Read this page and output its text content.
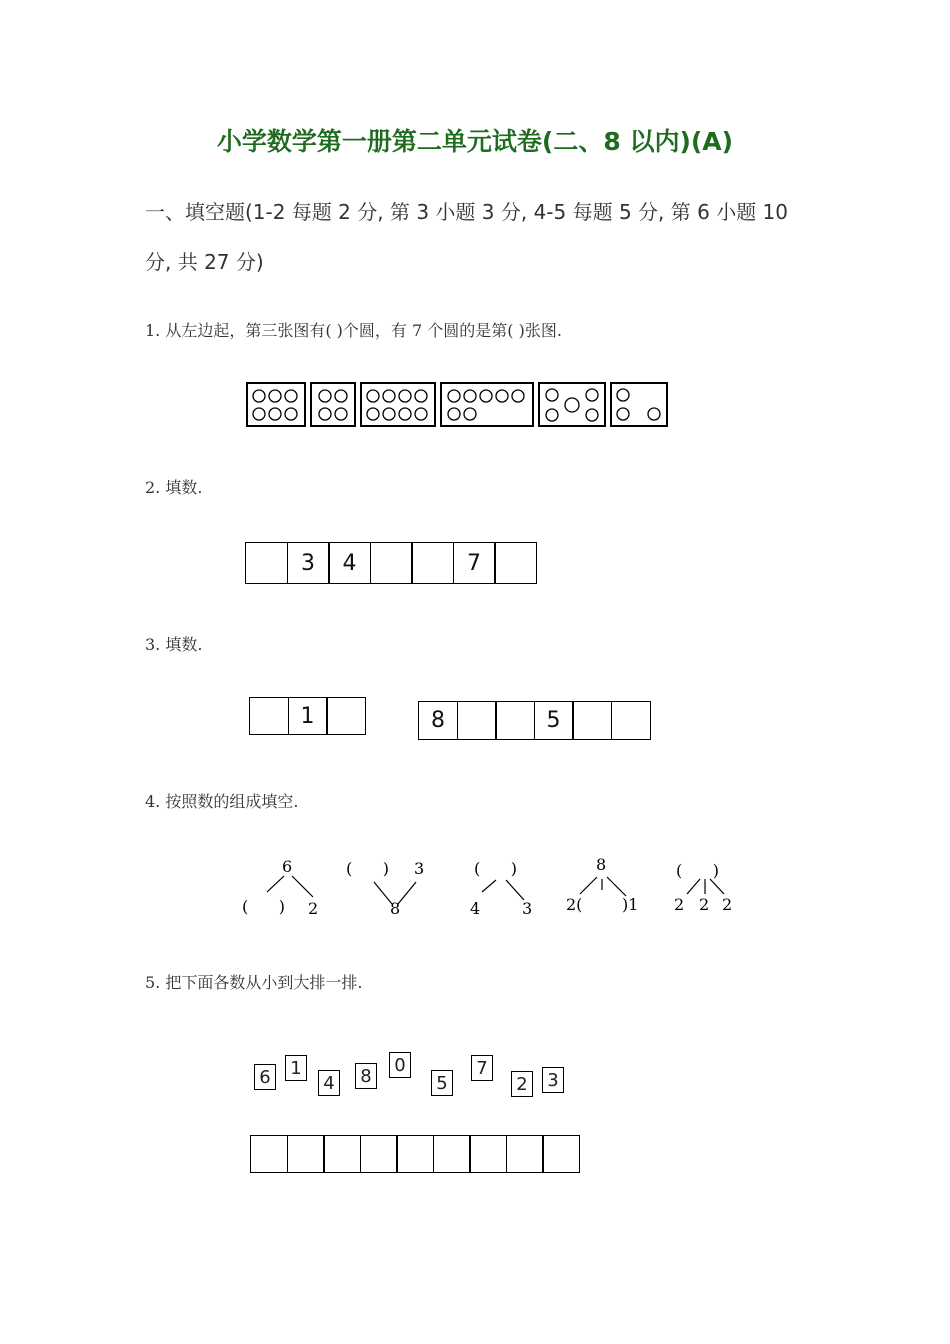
小学数学第一册第二单元试卷(二、8 以内)(A)
一、填空题(1-2 每题 2 分, 第 3 小题 3 分, 4-5 每题 5 分, 第 6 小题 10
分, 共 27 分)
1. 从左边起，第三张图有( )个圆，有 7 个圆的是第( )张图.
2. 填数.
3	4	7
3. 填数.
1	8	5
4. 按照数的组成填空.
6
(      ) 2
(      ) 3
8
(      )
4	3
8
2( )1
(      )
2 2 2
5. 把下面各数从小到大排一排.
6 1
4 8
0
5
7
2 3
